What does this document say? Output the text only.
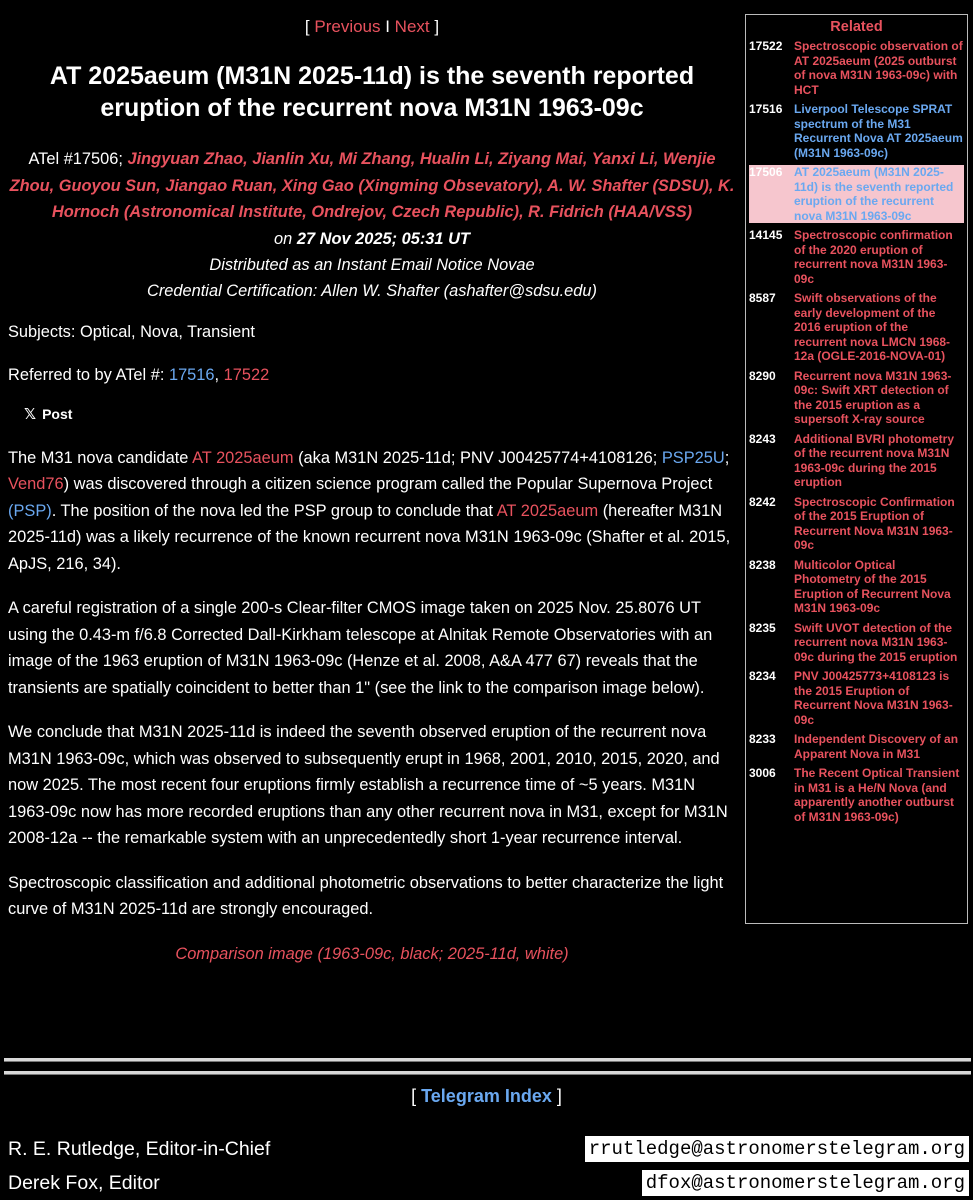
[ Previous I Next ]
AT 2025aeum (M31N 2025-11d) is the seventh reported eruption of the recurrent nova M31N 1963-09c
ATel #17506; Jingyuan Zhao, Jianlin Xu, Mi Zhang, Hualin Li, Ziyang Mai, Yanxi Li, Wenjie Zhou, Guoyou Sun, Jiangao Ruan, Xing Gao (Xingming Obsevatory), A. W. Shafter (SDSU), K. Hornoch (Astronomical Institute, Ondrejov, Czech Republic), R. Fidrich (HAA/VSS)
on 27 Nov 2025; 05:31 UT
Distributed as an Instant Email Notice Novae
Credential Certification: Allen W. Shafter (ashafter@sdsu.edu)
Subjects: Optical, Nova, Transient
Referred to by ATel #: 17516, 17522
𝕏 Post

The M31 nova candidate AT 2025aeum (aka M31N 2025-11d; PNV J00425774+4108126; PSP25U; Vend76) was discovered through a citizen science program called the Popular Supernova Project (PSP). The position of the nova led the PSP group to conclude that AT 2025aeum (hereafter M31N 2025-11d) was a likely recurrence of the known recurrent nova M31N 1963-09c (Shafter et al. 2015, ApJS, 216, 34).

A careful registration of a single 200-s Clear-filter CMOS image taken on 2025 Nov. 25.8076 UT using the 0.43-m f/6.8 Corrected Dall-Kirkham telescope at Alnitak Remote Observatories with an image of the 1963 eruption of M31N 1963-09c (Henze et al. 2008, A&A 477 67) reveals that the transients are spatially coincident to better than 1" (see the link to the comparison image below).

We conclude that M31N 2025-11d is indeed the seventh observed eruption of the recurrent nova M31N 1963-09c, which was observed to subsequently erupt in 1968, 2001, 2010, 2015, 2020, and now 2025. The most recent four eruptions firmly establish a recurrence time of ~5 years. M31N 1963-09c now has more recorded eruptions than any other recurrent nova in M31, except for M31N 2008-12a -- the remarkable system with an unprecedentedly short 1-year recurrence interval.

Spectroscopic classification and additional photometric observations to better characterize the light curve of M31N 2025-11d are strongly encouraged.

Comparison image (1963-09c, black; 2025-11d, white)
Related
17522 Spectroscopic observation of AT 2025aeum (2025 outburst of nova M31N 1963-09c) with HCT
17516 Liverpool Telescope SPRAT spectrum of the M31 Recurrent Nova AT 2025aeum (M31N 1963-09c)
17506 AT 2025aeum (M31N 2025-11d) is the seventh reported eruption of the recurrent nova M31N 1963-09c
14145 Spectroscopic confirmation of the 2020 eruption of recurrent nova M31N 1963-09c
8587	Swift observations of the early development of the 2016 eruption of the recurrent nova LMCN 1968-12a (OGLE-2016-NOVA-01)
8290	Recurrent nova M31N 1963-09c: Swift XRT detection of the 2015 eruption as a supersoft X-ray source
8243	Additional BVRI photometry of the recurrent nova M31N 1963-09c during the 2015 eruption
8242	Spectroscopic Confirmation of the 2015 Eruption of Recurrent Nova M31N 1963-09c
8238	Multicolor Optical Photometry of the 2015 Eruption of Recurrent Nova M31N 1963-09c
8235	Swift UVOT detection of the recurrent nova M31N 1963-09c during the 2015 eruption
8234	PNV J00425773+4108123 is the 2015 Eruption of Recurrent Nova M31N 1963-09c
8233	Independent Discovery of an Apparent Nova in M31
3006	The Recent Optical Transient in M31 is a He/N Nova (and apparently another outburst of M31N 1963-09c)
[ Telegram Index ]
R. E. Rutledge, Editor-in-Chief	rrutledge@astronomerstelegram.org
Derek Fox, Editor	dfox@astronomerstelegram.org
